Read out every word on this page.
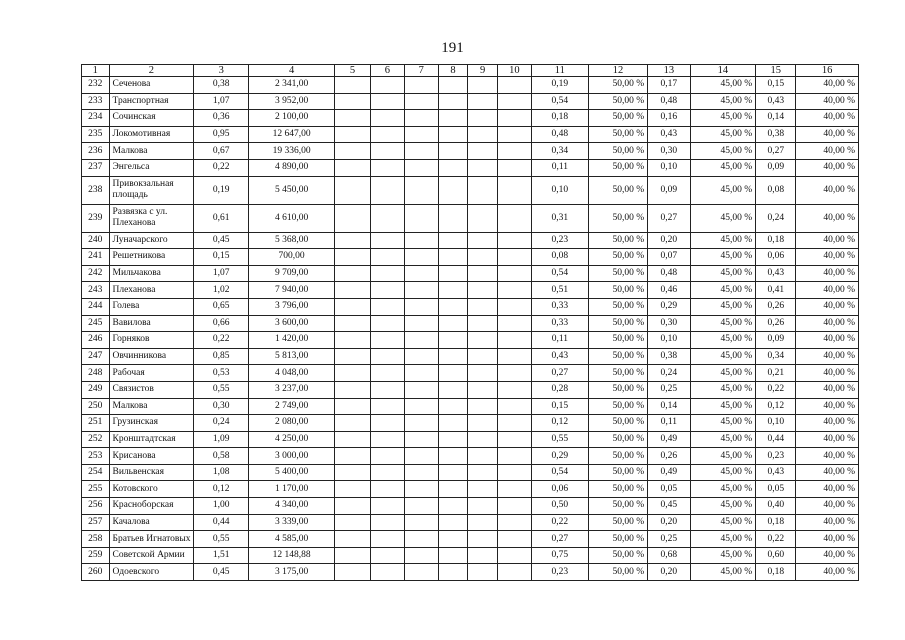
191
1	2	3	4	5	6	7	8	9	10	11	12	13	14	15	16
232	Сеченова	0,38	2 341,00							0,19	50,00 %	0,17	45,00 %	0,15	40,00 %
233	Транспортная	1,07	3 952,00							0,54	50,00 %	0,48	45,00 %	0,43	40,00 %
234	Сочинская	0,36	2 100,00							0,18	50,00 %	0,16	45,00 %	0,14	40,00 %
235	Локомотивная	0,95	12 647,00							0,48	50,00 %	0,43	45,00 %	0,38	40,00 %
236	Малкова	0,67	19 336,00							0,34	50,00 %	0,30	45,00 %	0,27	40,00 %
237	Энгельса	0,22	4 890,00							0,11	50,00 %	0,10	45,00 %	0,09	40,00 %
238	Привокзальная площадь	0,19	5 450,00							0,10	50,00 %	0,09	45,00 %	0,08	40,00 %
239	Развязка с ул. Плеханова	0,61	4 610,00							0,31	50,00 %	0,27	45,00 %	0,24	40,00 %
240	Луначарского	0,45	5 368,00							0,23	50,00 %	0,20	45,00 %	0,18	40,00 %
241	Решетникова	0,15	700,00							0,08	50,00 %	0,07	45,00 %	0,06	40,00 %
242	Мильчакова	1,07	9 709,00							0,54	50,00 %	0,48	45,00 %	0,43	40,00 %
243	Плеханова	1,02	7 940,00							0,51	50,00 %	0,46	45,00 %	0,41	40,00 %
244	Голева	0,65	3 796,00							0,33	50,00 %	0,29	45,00 %	0,26	40,00 %
245	Вавилова	0,66	3 600,00							0,33	50,00 %	0,30	45,00 %	0,26	40,00 %
246	Горняков	0,22	1 420,00							0,11	50,00 %	0,10	45,00 %	0,09	40,00 %
247	Овчинникова	0,85	5 813,00							0,43	50,00 %	0,38	45,00 %	0,34	40,00 %
248	Рабочая	0,53	4 048,00							0,27	50,00 %	0,24	45,00 %	0,21	40,00 %
249	Связистов	0,55	3 237,00							0,28	50,00 %	0,25	45,00 %	0,22	40,00 %
250	Малкова	0,30	2 749,00							0,15	50,00 %	0,14	45,00 %	0,12	40,00 %
251	Грузинская	0,24	2 080,00							0,12	50,00 %	0,11	45,00 %	0,10	40,00 %
252	Кронштадтская	1,09	4 250,00							0,55	50,00 %	0,49	45,00 %	0,44	40,00 %
253	Крисанова	0,58	3 000,00							0,29	50,00 %	0,26	45,00 %	0,23	40,00 %
254	Вильвенская	1,08	5 400,00							0,54	50,00 %	0,49	45,00 %	0,43	40,00 %
255	Котовского	0,12	1 170,00							0,06	50,00 %	0,05	45,00 %	0,05	40,00 %
256	Красноборская	1,00	4 340,00							0,50	50,00 %	0,45	45,00 %	0,40	40,00 %
257	Качалова	0,44	3 339,00							0,22	50,00 %	0,20	45,00 %	0,18	40,00 %
258	Братьев Игнатовых	0,55	4 585,00							0,27	50,00 %	0,25	45,00 %	0,22	40,00 %
259	Советской Армии	1,51	12 148,88							0,75	50,00 %	0,68	45,00 %	0,60	40,00 %
260	Одоевского	0,45	3 175,00							0,23	50,00 %	0,20	45,00 %	0,18	40,00 %
